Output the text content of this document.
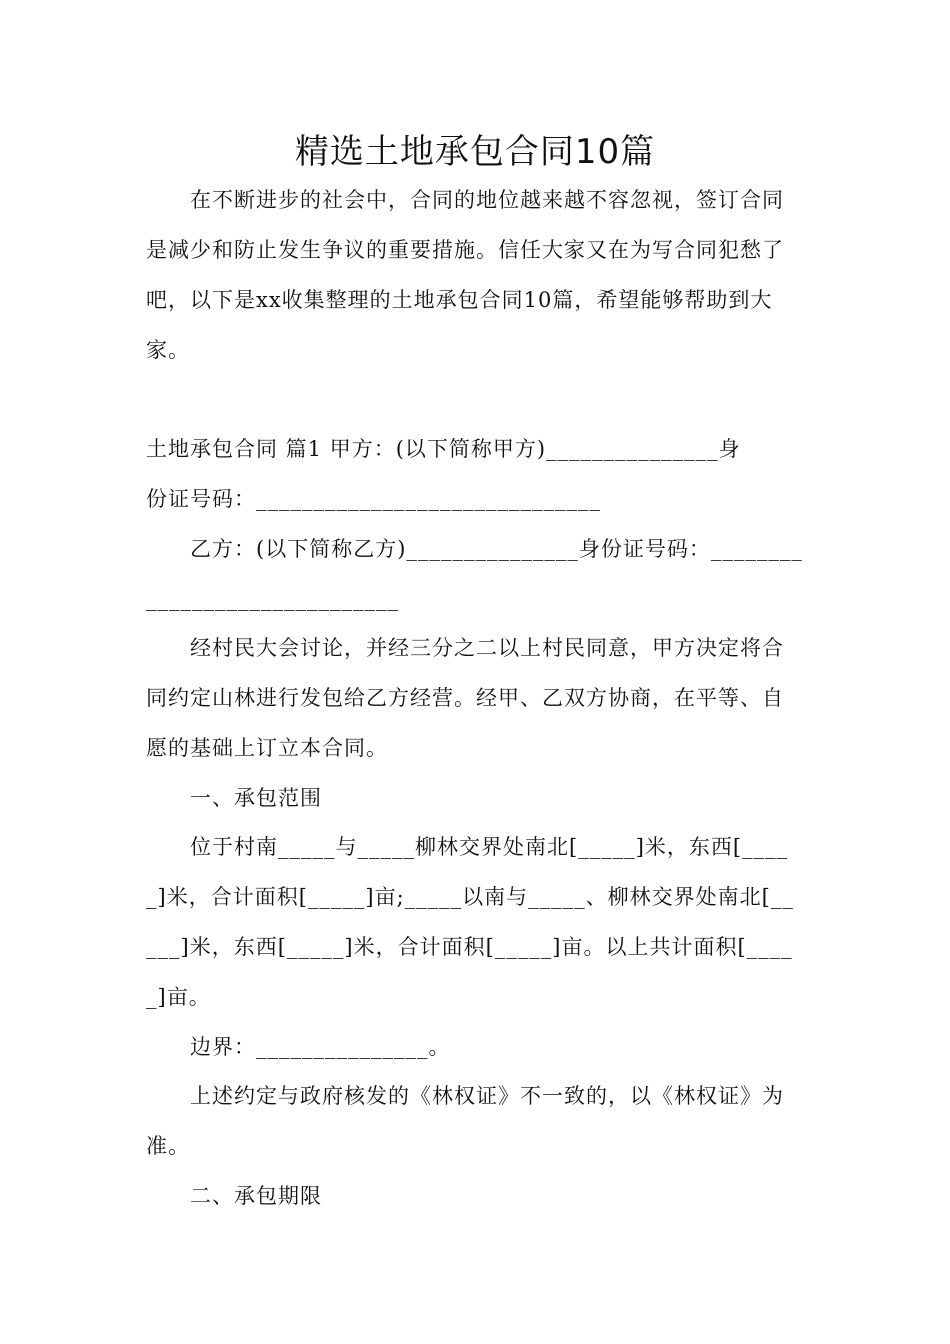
精选土地承包合同10篇
在不断进步的社会中，合同的地位越来越不容忽视，签订合同
是减少和防止发生争议的重要措施。信任大家又在为写合同犯愁了
吧，以下是xx收集整理的土地承包合同10篇，希望能够帮助到大
家。
土地承包合同 篇1 甲方：(以下简称甲方)_______________身
份证号码：______________________________
乙方：(以下简称乙方)_______________身份证号码：________
______________________
经村民大会讨论，并经三分之二以上村民同意，甲方决定将合
同约定山林进行发包给乙方经营。经甲、乙双方协商，在平等、自
愿的基础上订立本合同。
一、承包范围
位于村南_____与_____柳林交界处南北[_____]米，东西[____
_]米，合计面积[_____]亩;_____以南与_____、柳林交界处南北[__
___]米，东西[_____]米，合计面积[_____]亩。以上共计面积[____
_]亩。
边界：_______________。
上述约定与政府核发的《林权证》不一致的，以《林权证》为
准。
二、承包期限
